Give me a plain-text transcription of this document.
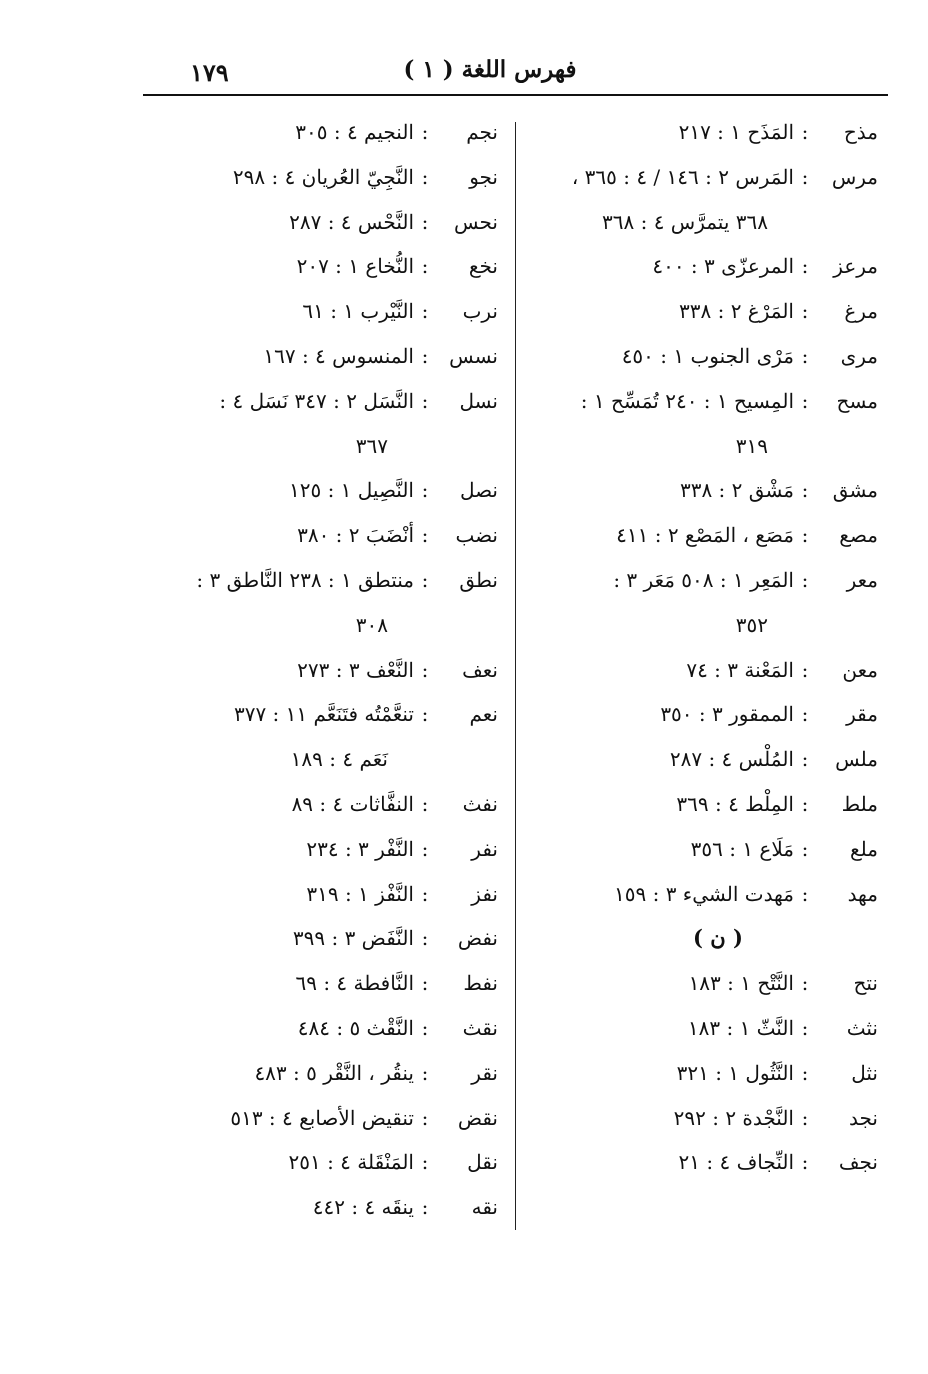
١٧٩	فهرس اللغة ( ١ )
مذح
:
المَذَح ١ : ٢١٧
مرس
:
المَرس ٢ : ١٤٦ / ٤ : ٣٦٥ ،
٣٦٨ يتمرَّس ٤ : ٣٦٨
مرعز
:
المرعزّى ٣ : ٤٠٠
مرغ
:
المَرْغ ٢ : ٣٣٨
مرى
:
مَرْى الجنوب ١ : ٤٥٠
مسح
:
المِسيح ١ : ٢٤٠ تُمَسِّح ١ :
٣١٩
مشق
:
مَشْق ٢ : ٣٣٨
مصع
:
مَصَع ، المَصْع ٢ : ٤١١
معر
:
المَعِر ١ : ٥٠٨ مَعَر ٣ :
٣٥٢
معن
:
المَعْنة ٣ : ٧٤
مقر
:
الممقور ٣ : ٣٥٠
ملس
:
المُلْس ٤ : ٢٨٧
ملط
:
المِلْط ٤ : ٣٦٩
ملع
:
مَلَاع ١ : ٣٥٦
مهد
:
مَهدت الشيء ٣ : ١٥٩
( ن )
نتح
:
النَّتْح ١ : ١٨٣
نثث
:
النَّثّ ١ : ١٨٣
نثل
:
النَّثُول ١ : ٣٢١
نجد
:
النَّجْدة ٢ : ٢٩٢
نجف
:
النِّجاف ٤ : ٢١
نجم
:
النجيم ٤ : ٣٠٥
نجو
:
النَّجِيّ العُريان ٤ : ٢٩٨
نحس
:
النَّحْس ٤ : ٢٨٧
نخع
:
النُّخاع ١ : ٢٠٧
نرب
:
النَّيْرب ١ : ٦١
نسس
:
المنسوس ٤ : ١٦٧
نسل
:
النَّسَل ٢ : ٣٤٧ نَسَل ٤ :
٣٦٧
نصل
:
النَّصِيل ١ : ١٢٥
نضب
:
أنْضَبَ ٢ : ٣٨٠
نطق
:
منتطق ١ : ٢٣٨ النَّاطق ٣ :
٣٠٨
نعف
:
النَّعْف ٣ : ٢٧٣
نعم
:
تنعَّمْتُه فتَنَعَّم ١١ : ٣٧٧
نَعَم ٤ : ١٨٩
نفث
:
النفَّاثات ٤ : ٨٩
نفر
:
النَّفْر ٣ : ٢٣٤
نفز
:
النَّفْز ١ : ٣١٩
نفض
:
النَّفَض ٣ : ٣٩٩
نفط
:
النَّافطة ٤ : ٦٩
نقث
:
النَّقْث ٥ : ٤٨٤
نقر
:
ينقُر ، النَّقْر ٥ : ٤٨٣
نقض
:
تنقيض الأصابع ٤ : ٥١٣
نقل
:
المَنْقَلة ٤ : ٢٥١
نقه
:
ينقَه ٤ : ٤٤٢
